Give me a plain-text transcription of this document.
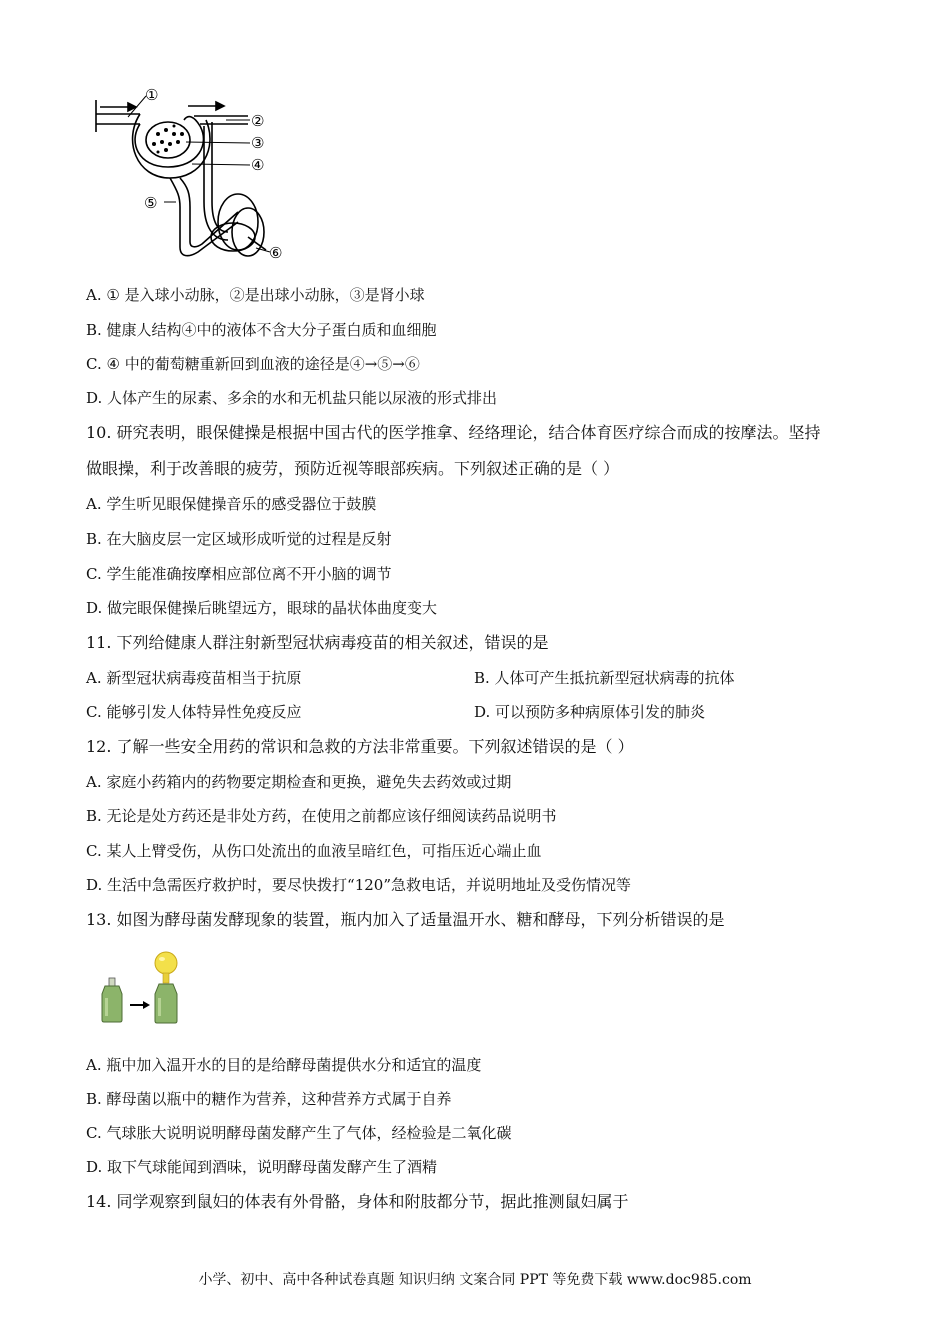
①
②
③
④
⑤
⑥
A. ① 是入球小动脉，②是出球小动脉，③是肾小球
B. 健康人结构④中的液体不含大分子蛋白质和血细胞
C. ④ 中的葡萄糖重新回到血液的途径是④→⑤→⑥
D. 人体产生的尿素、多余的水和无机盐只能以尿液的形式排出
10. 研究表明，眼保健操是根据中国古代的医学推拿、经络理论，结合体育医疗综合而成的按摩法。坚持
做眼操，利于改善眼的疲劳，预防近视等眼部疾病。下列叙述正确的是（ ）
A. 学生听见眼保健操音乐的感受器位于鼓膜
B. 在大脑皮层一定区域形成听觉的过程是反射
C. 学生能准确按摩相应部位离不开小脑的调节
D. 做完眼保健操后眺望远方，眼球的晶状体曲度变大
11. 下列给健康人群注射新型冠状病毒疫苗的相关叙述，错误的是
A. 新型冠状病毒疫苗相当于抗原	B. 人体可产生抵抗新型冠状病毒的抗体
C. 能够引发人体特异性免疫反应	D. 可以预防多种病原体引发的肺炎
12. 了解一些安全用药的常识和急救的方法非常重要。下列叙述错误的是（ ）
A. 家庭小药箱内的药物要定期检查和更换，避免失去药效或过期
B. 无论是处方药还是非处方药，在使用之前都应该仔细阅读药品说明书
C. 某人上臂受伤，从伤口处流出的血液呈暗红色，可指压近心端止血
D. 生活中急需医疗救护时，要尽快拨打“120”急救电话，并说明地址及受伤情况等
13. 如图为酵母菌发酵现象的装置，瓶内加入了适量温开水、糖和酵母，下列分析错误的是
A. 瓶中加入温开水的目的是给酵母菌提供水分和适宜的温度
B. 酵母菌以瓶中的糖作为营养，这种营养方式属于自养
C. 气球胀大说明说明酵母菌发酵产生了气体，经检验是二氧化碳
D. 取下气球能闻到酒味，说明酵母菌发酵产生了酒精
14. 同学观察到鼠妇的体表有外骨骼，身体和附肢都分节，据此推测鼠妇属于
小学、初中、高中各种试卷真题 知识归纳 文案合同 PPT 等免费下载 www.doc985.com
